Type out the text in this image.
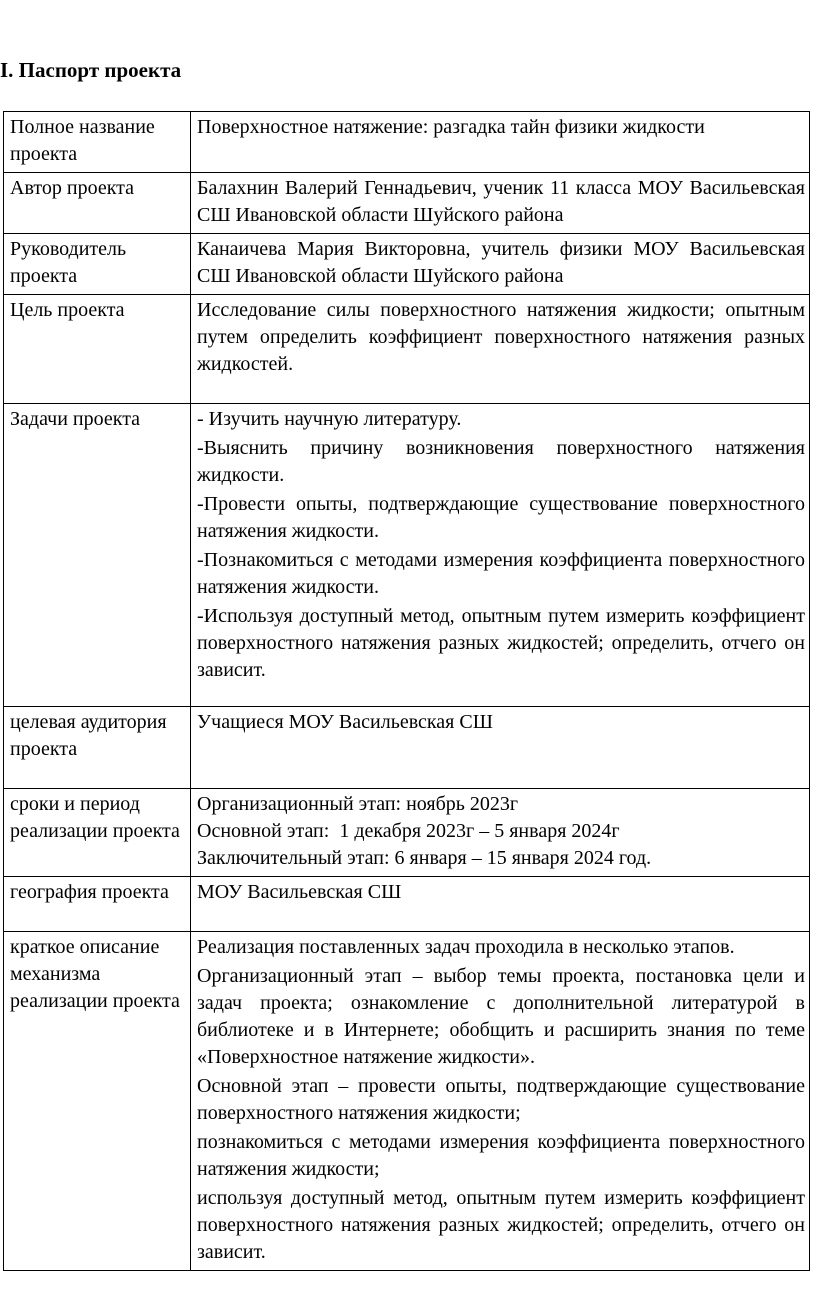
I. Паспорт проекта
Полное название проекта	Поверхностное натяжение: разгадка тайн физики жидкости

Автор проекта	Балахнин Валерий Геннадьевич, ученик 11 класса МОУ Васильевская СШ Ивановской области Шуйского района

Руководитель проекта	Канаичева Мария Викторовна, учитель физики МОУ Васильевская СШ Ивановской области Шуйского района

Цель проекта	Исследование силы поверхностного натяжения жидкости; опытным путем определить коэффициент поверхностного натяжения разных жидкостей.

Задачи проекта	- Изучить научную литературу.

-Выяснить причину возникновения поверхностного натяжения жидкости.

-Провести опыты, подтверждающие существование поверхностного натяжения жидкости.

-Познакомиться с методами измерения коэффициента поверхностного натяжения жидкости.

-Используя доступный метод, опытным путем измерить коэффициент поверхностного натяжения разных жидкостей; определить, отчего он зависит.

целевая аудитория проекта	Учащиеся МОУ Васильевская СШ

сроки и период реализации проекта	Организационный этап: ноябрь 2023г
Основной этап:  1 декабря 2023г – 5 января 2024г
Заключительный этап: 6 января – 15 января 2024 год.

география проекта	МОУ Васильевская СШ

краткое описание механизма реализации проекта	Реализация поставленных задач проходила в несколько этапов.

Организационный этап – выбор темы проекта, постановка цели и задач проекта; ознакомление с дополнительной литературой в библиотеке и в Интернете; обобщить и расширить знания по теме «Поверхностное натяжение жидкости».

Основной этап – провести опыты, подтверждающие существование поверхностного натяжения жидкости;

познакомиться с методами измерения коэффициента поверхностного натяжения жидкости;

используя доступный метод, опытным путем измерить коэффициент поверхностного натяжения разных жидкостей; определить, отчего он зависит.
